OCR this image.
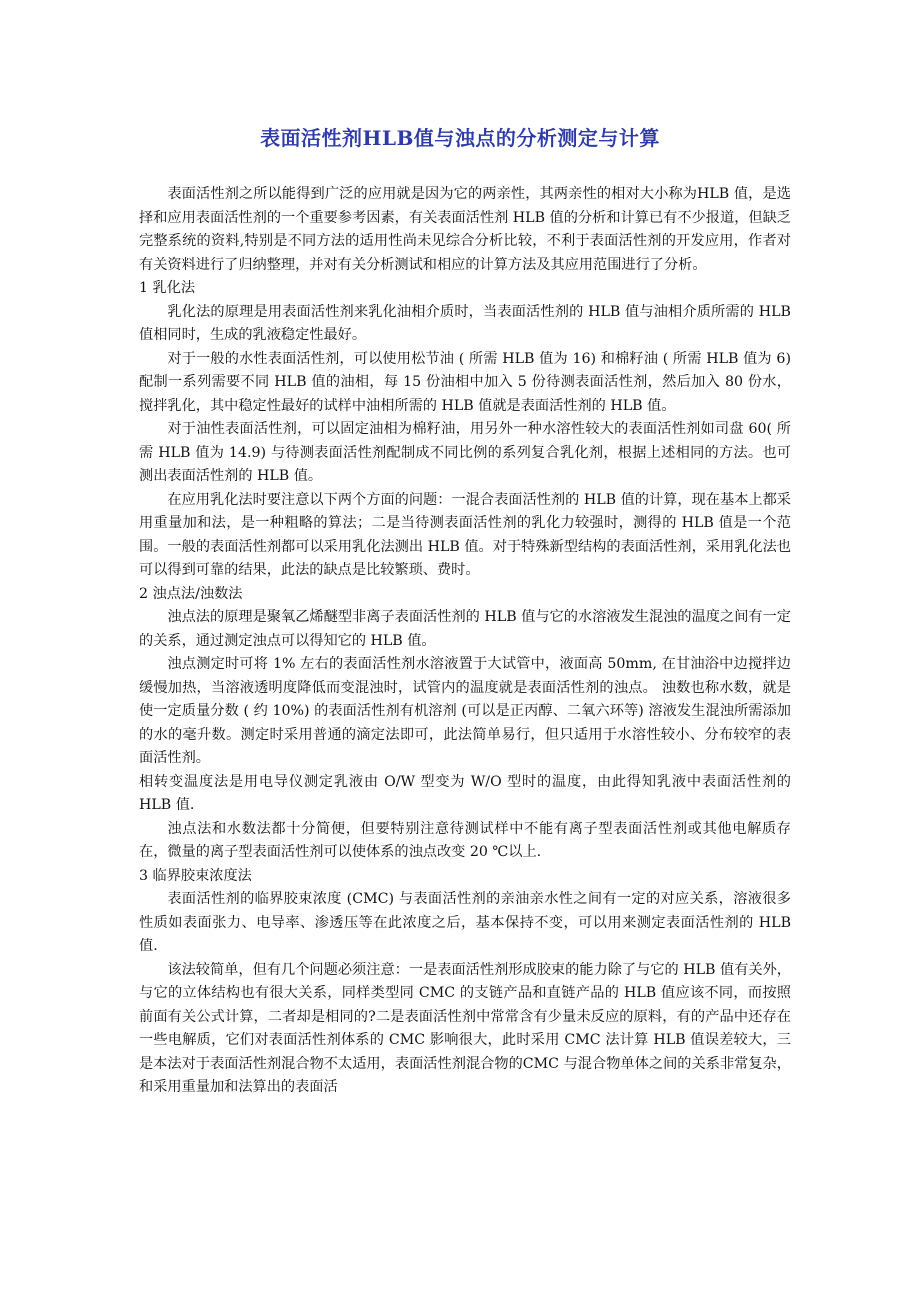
表面活性剂HLB值与浊点的分析测定与计算

表面活性剂之所以能得到广泛的应用就是因为它的两亲性，其两亲性的相对大小称为HLB 值，是选择和应用表面活性剂的一个重要参考因素，有关表面活性剂 HLB 值的分析和计算已有不少报道，但缺乏完整系统的资料,特别是不同方法的适用性尚未见综合分析比较，不利于表面活性剂的开发应用，作者对有关资料进行了归纳整理，并对有关分析测试和相应的计算方法及其应用范围进行了分析。

1 乳化法

乳化法的原理是用表面活性剂来乳化油相介质时，当表面活性剂的 HLB 值与油相介质所需的 HLB 值相同时，生成的乳液稳定性最好。

对于一般的水性表面活性剂，可以使用松节油 ( 所需 HLB 值为 16) 和棉籽油 ( 所需 HLB 值为 6) 配制一系列需要不同 HLB 值的油相，每 15 份油相中加入 5 份待测表面活性剂，然后加入 80 份水，搅拌乳化，其中稳定性最好的试样中油相所需的 HLB 值就是表面活性剂的 HLB 值。

对于油性表面活性剂，可以固定油相为棉籽油，用另外一种水溶性较大的表面活性剂如司盘 60( 所需 HLB 值为 14.9) 与待测表面活性剂配制成不同比例的系列复合乳化剂，根据上述相同的方法。也可测出表面活性剂的 HLB 值。

在应用乳化法时要注意以下两个方面的问题：一混合表面活性剂的 HLB 值的计算，现在基本上都采用重量加和法，是一种粗略的算法；二是当待测表面活性剂的乳化力较强时，测得的 HLB 值是一个范围。一般的表面活性剂都可以采用乳化法测出 HLB 值。对于特殊新型结构的表面活性剂，采用乳化法也可以得到可靠的结果，此法的缺点是比较繁琐、费时。

2 浊点法/浊数法

浊点法的原理是聚氧乙烯醚型非离子表面活性剂的 HLB 值与它的水溶液发生混浊的温度之间有一定的关系，通过测定浊点可以得知它的 HLB 值。

浊点测定时可将 1% 左右的表面活性剂水溶液置于大试管中，液面高 50mm, 在甘油浴中边搅拌边缓慢加热，当溶液透明度降低而变混浊时，试管内的温度就是表面活性剂的浊点。 浊数也称水数，就是使一定质量分数 ( 约 10%) 的表面活性剂有机溶剂 (可以是正丙醇、二氧六环等) 溶液发生混浊所需添加的水的毫升数。测定时采用普通的滴定法即可，此法简单易行，但只适用于水溶性较小、分布较窄的表面活性剂。

相转变温度法是用电导仪测定乳液由 O/W 型变为 W/O 型时的温度，由此得知乳液中表面活性剂的 HLB 值.

浊点法和水数法都十分简便，但要特别注意待测试样中不能有离子型表面活性剂或其他电解质存在，微量的离子型表面活性剂可以使体系的浊点改变 20 ℃以上.

3 临界胶束浓度法

表面活性剂的临界胶束浓度 (CMC) 与表面活性剂的亲油亲水性之间有一定的对应关系，溶液很多性质如表面张力、电导率、渗透压等在此浓度之后，基本保持不变，可以用来测定表面活性剂的 HLB 值.

该法较简单，但有几个问题必须注意：一是表面活性剂形成胶束的能力除了与它的 HLB 值有关外，与它的立体结构也有很大关系，同样类型同 CMC 的支链产品和直链产品的 HLB 值应该不同，而按照前面有关公式计算，二者却是相同的?二是表面活性剂中常常含有少量未反应的原料，有的产品中还存在一些电解质，它们对表面活性剂体系的 CMC 影响很大，此时采用 CMC 法计算 HLB 值误差较大，三是本法对于表面活性剂混合物不太适用，表面活性剂混合物的CMC 与混合物单体之间的关系非常复杂，和采用重量加和法算出的表面活
